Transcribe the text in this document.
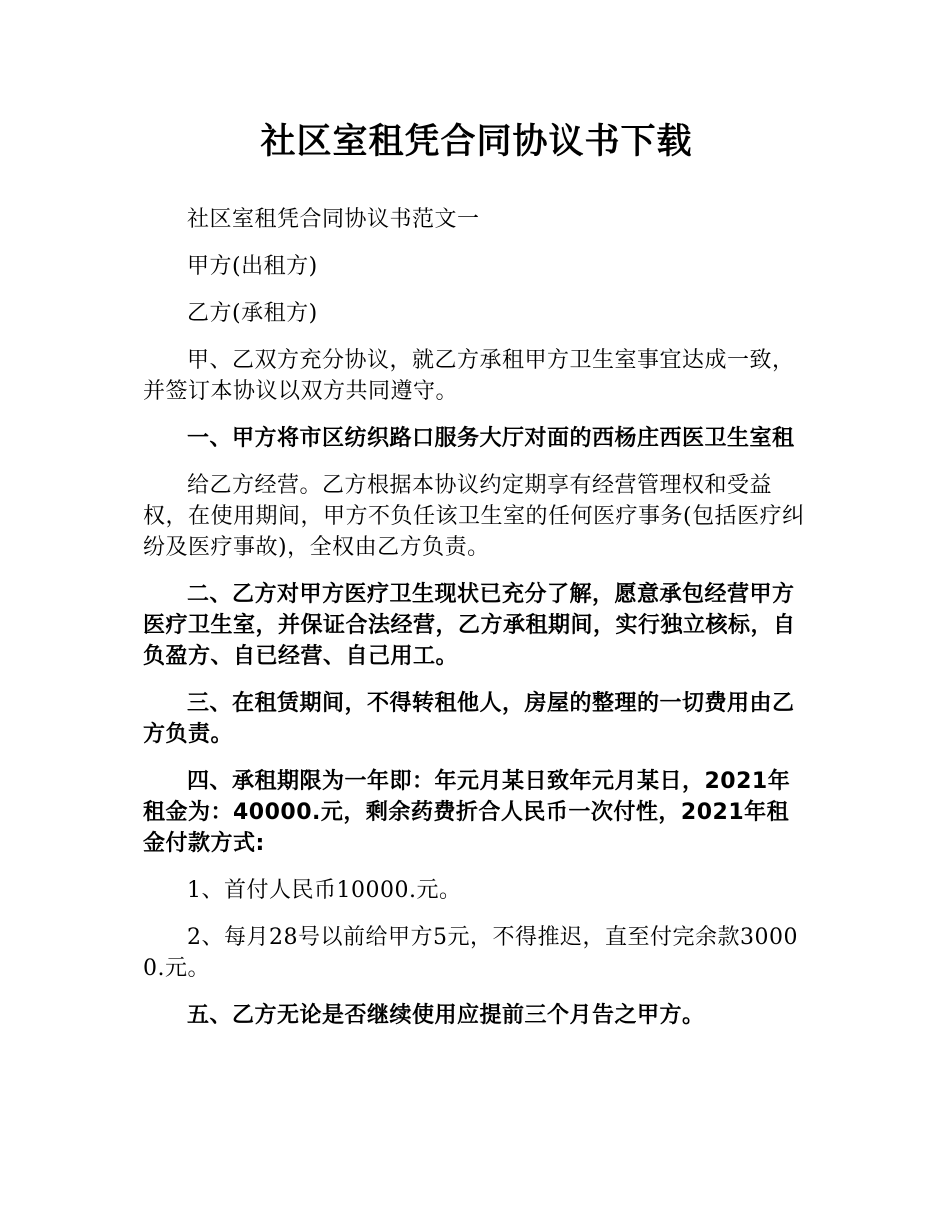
社区室租凭合同协议书下载

社区室租凭合同协议书范文一

甲方(出租方)

乙方(承租方)

甲、乙双方充分协议，就乙方承租甲方卫生室事宜达成一致，并签订本协议以双方共同遵守。

一、甲方将市区纺织路口服务大厅对面的西杨庄西医卫生室租

给乙方经营。乙方根据本协议约定期享有经营管理权和受益权，在使用期间，甲方不负任该卫生室的任何医疗事务(包括医疗纠纷及医疗事故)，全权由乙方负责。

二、乙方对甲方医疗卫生现状已充分了解，愿意承包经营甲方医疗卫生室，并保证合法经营，乙方承租期间，实行独立核标，自负盈方、自已经营、自己用工。

三、在租赁期间，不得转租他人，房屋的整理的一切费用由乙方负责。

四、承租期限为一年即：年元月某日致年元月某日，2021年租金为：40000.元，剩余药费折合人民币一次付性，2021年租金付款方式:

1、首付人民币10000.元。

2、每月28号以前给甲方5元，不得推迟，直至付完余款30000.元。

五、乙方无论是否继续使用应提前三个月告之甲方。
